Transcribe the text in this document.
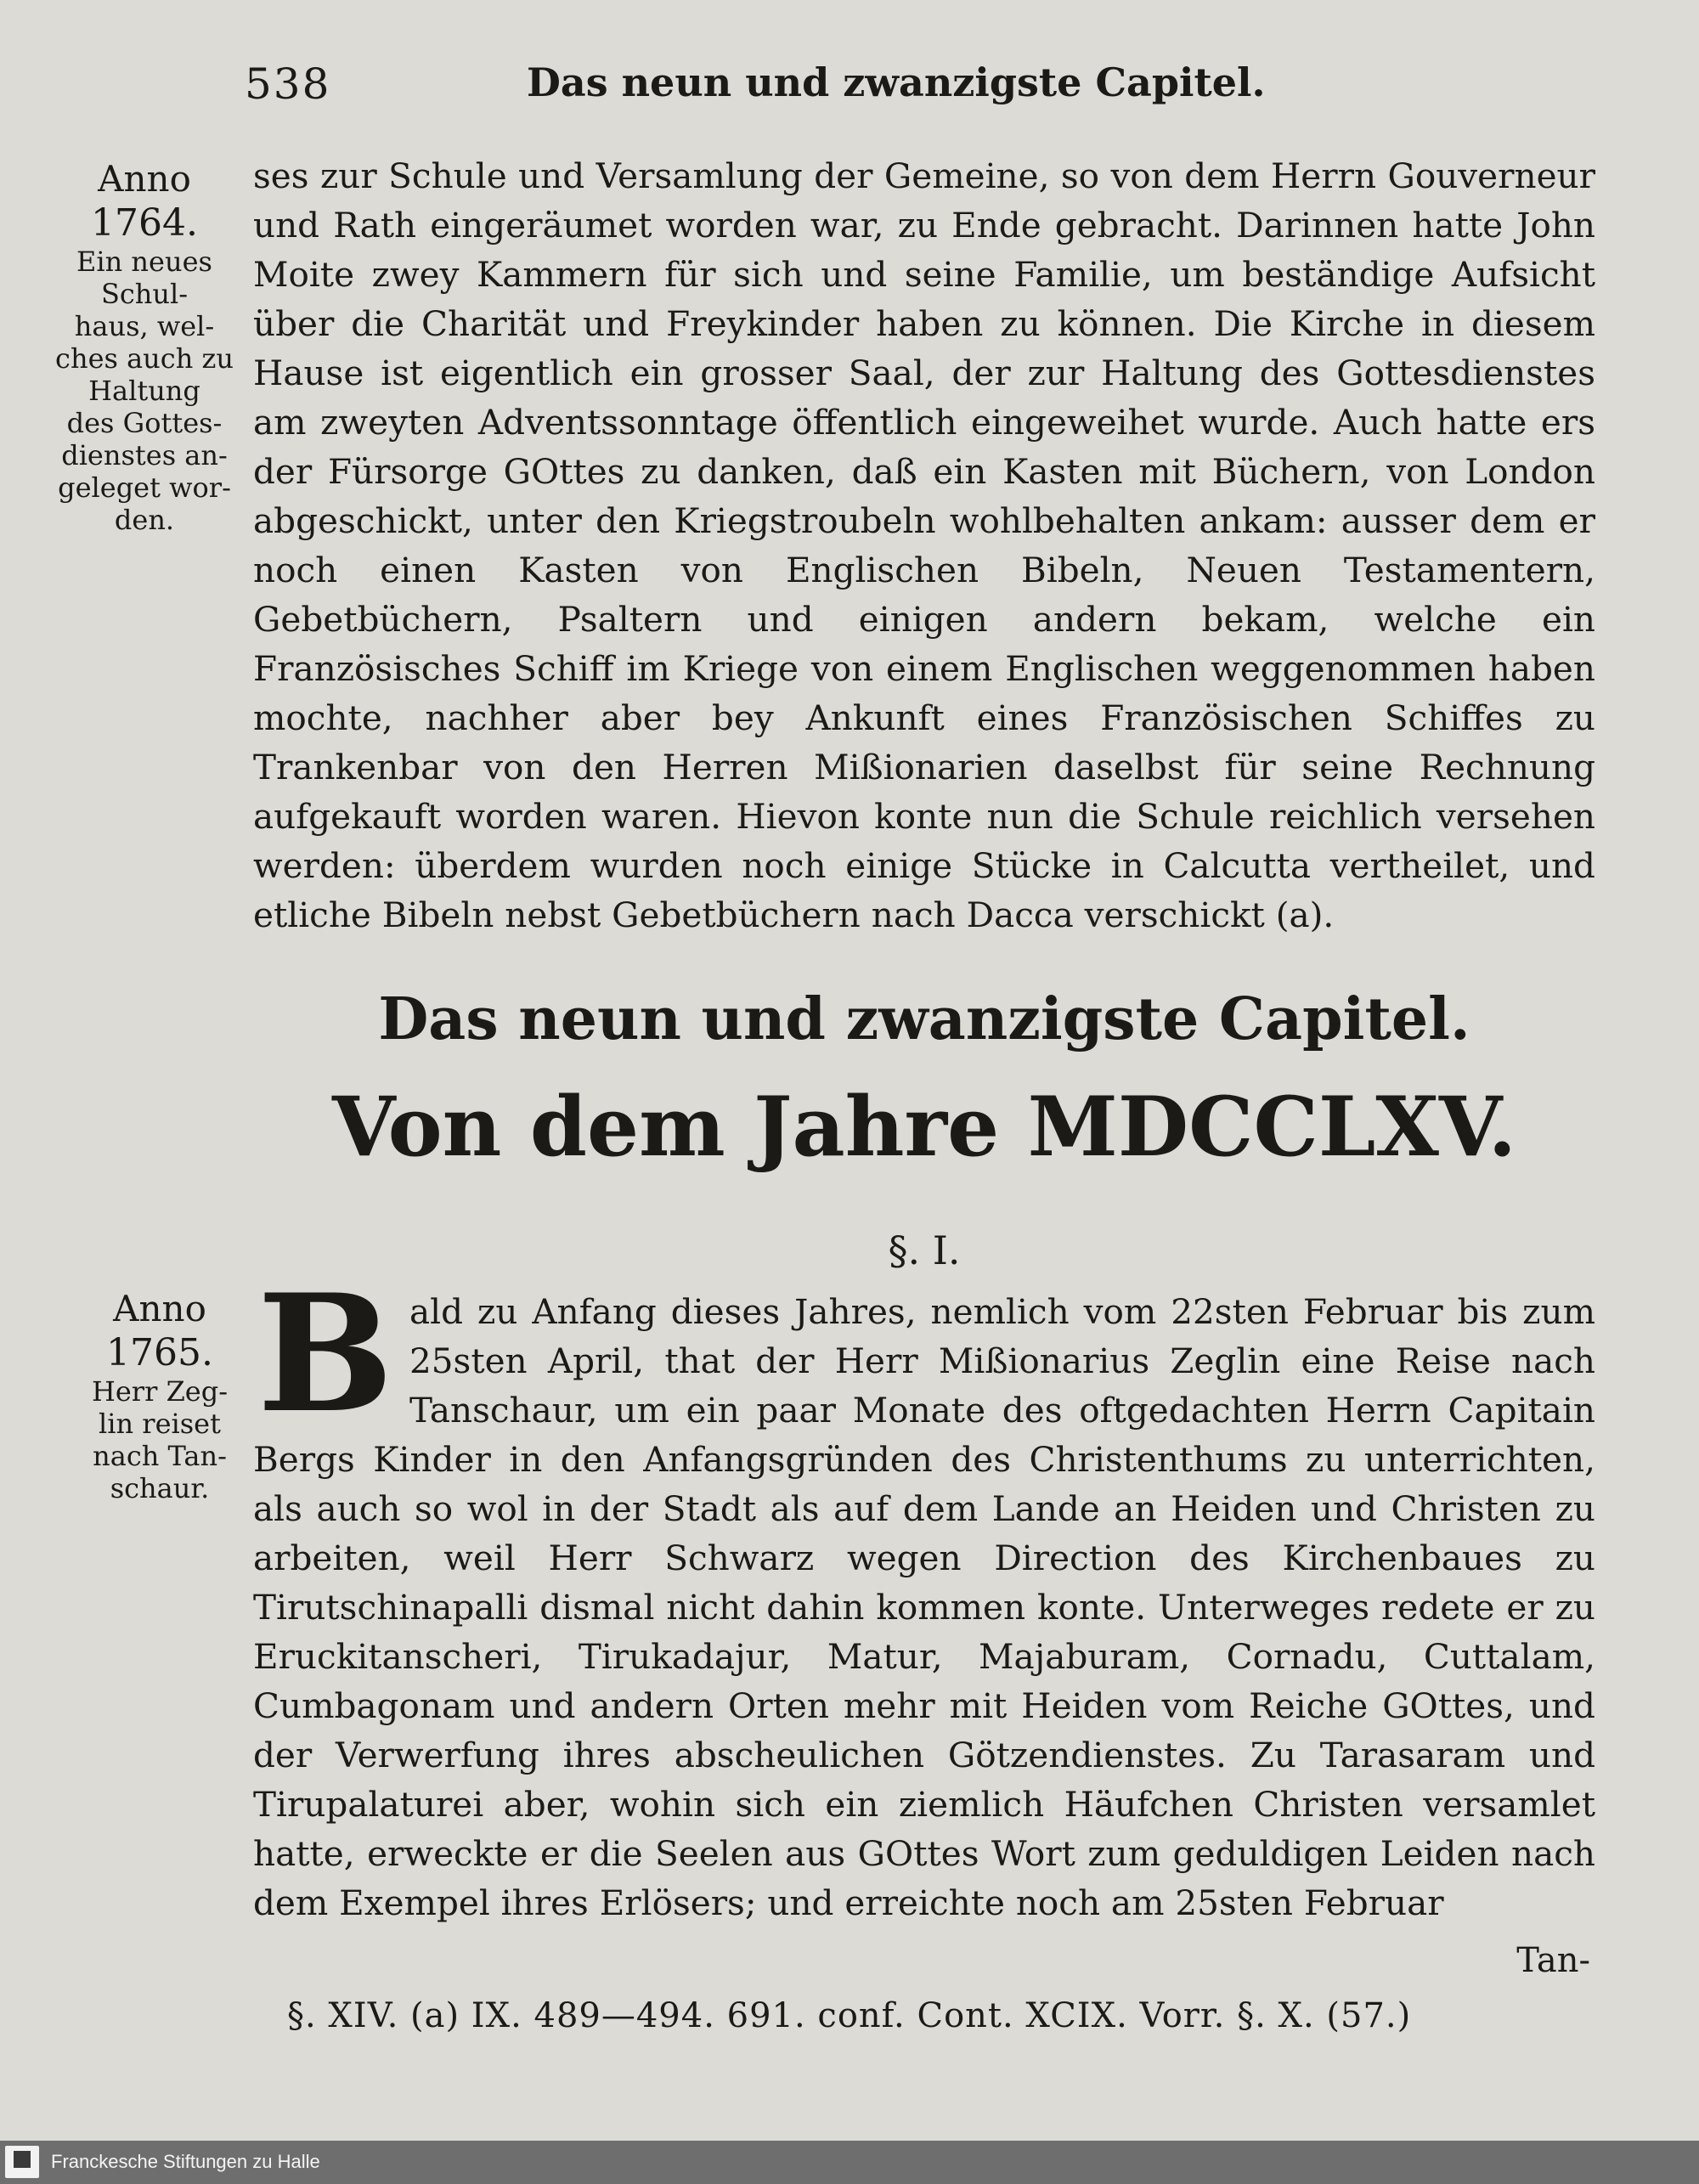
538	Das neun und zwanzigste Capitel.
Anno
1764.
Ein neues
Schul-
haus, wel-
ches auch zu
Haltung
des Gottes-
dienstes an-
geleget wor-
den.
ses zur Schule und Versamlung der Gemeine, so von dem Herrn Gouverneur und Rath eingeräumet worden war, zu Ende gebracht. Darinnen hatte John Moite zwey Kammern für sich und seine Familie, um beständige Aufsicht über die Charität und Freykinder haben zu können. Die Kirche in diesem Hause ist eigentlich ein grosser Saal, der zur Haltung des Gottesdienstes am zweyten Adventssonntage öffentlich eingeweihet wurde. Auch hatte ers der Fürsorge GOttes zu danken, daß ein Kasten mit Büchern, von London abgeschickt, unter den Kriegstroubeln wohlbehalten ankam: ausser dem er noch einen Kasten von Englischen Bibeln, Neuen Testamentern, Gebetbüchern, Psaltern und einigen andern bekam, welche ein Französisches Schiff im Kriege von einem Englischen weggenommen haben mochte, nachher aber bey Ankunft eines Französischen Schiffes zu Trankenbar von den Herren Mißionarien daselbst für seine Rechnung aufgekauft worden waren. Hievon konte nun die Schule reichlich versehen werden: überdem wurden noch einige Stücke in Calcutta vertheilet, und etliche Bibeln nebst Gebetbüchern nach Dacca verschickt (a).
Das neun und zwanzigste Capitel.
Von dem Jahre MDCCLXV.
§. I.
Anno
1765.
Herr Zeg-
lin reiset
nach Tan-
schaur.
Bald zu Anfang dieses Jahres, nemlich vom 22sten Februar bis zum 25sten April, that der Herr Mißionarius Zeglin eine Reise nach Tanschaur, um ein paar Monate des oftgedachten Herrn Capitain Bergs Kinder in den Anfangsgründen des Christenthums zu unterrichten, als auch so wol in der Stadt als auf dem Lande an Heiden und Christen zu arbeiten, weil Herr Schwarz wegen Direction des Kirchenbaues zu Tirutschinapalli dismal nicht dahin kommen konte. Unterweges redete er zu Eruckitanscheri, Tirukadajur, Matur, Majaburam, Cornadu, Cuttalam, Cumbagonam und andern Orten mehr mit Heiden vom Reiche GOttes, und der Verwerfung ihres abscheulichen Götzendienstes. Zu Tarasaram und Tirupalaturei aber, wohin sich ein ziemlich Häufchen Christen versamlet hatte, erweckte er die Seelen aus GOttes Wort zum geduldigen Leiden nach dem Exempel ihres Erlösers; und erreichte noch am 25sten Februar
Tan-
§. XIV. (a) IX. 489—494. 691. conf. Cont. XCIX. Vorr. §. X. (57.)
Franckesche Stiftungen zu Halle
